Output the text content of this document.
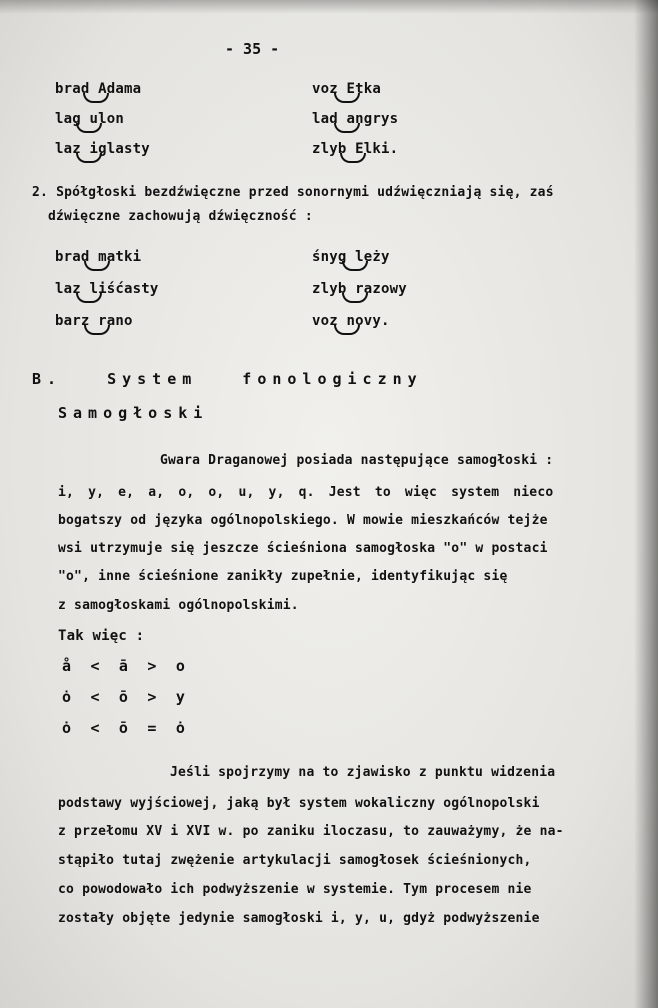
- 35 -
brad Adama
lag ulon
laz iglasty
voz Etka
lad angrys
zlyb Elki.
2. Spółgłoski bezdźwięczne przed sonornymi udźwięczniają się, zaś
dźwięczne zachowują dźwięczność :
brad matki
laz liśćasty
barz rano
śnyg leży
zlyb razowy
voz novy.
B. System fonologiczny
Samogłoski
Gwara Draganowej posiada następujące samogłoski :
i, y, e, a, o, o, u, y, q. Jest to więc system nieco
bogatszy od języka ogólnopolskiego. W mowie mieszkańców tejże
wsi utrzymuje się jeszcze ścieśniona samogłoska "o" w postaci
"o", inne ścieśnione zanikły zupełnie, identyfikując się
z samogłoskami ogólnopolskimi.
Tak więc :
å < ā > o
ȯ < ō > y
ȯ < ō = ȯ
Jeśli spojrzymy na to zjawisko z punktu widzenia
podstawy wyjściowej, jaką był system wokaliczny ogólnopolski
z przełomu XV i XVI w. po zaniku iloczasu, to zauważymy, że na-
stąpiło tutaj zwężenie artykulacji samogłosek ścieśnionych,
co powodowało ich podwyższenie w systemie. Tym procesem nie
zostały objęte jedynie samogłoski i, y, u, gdyż podwyższenie
